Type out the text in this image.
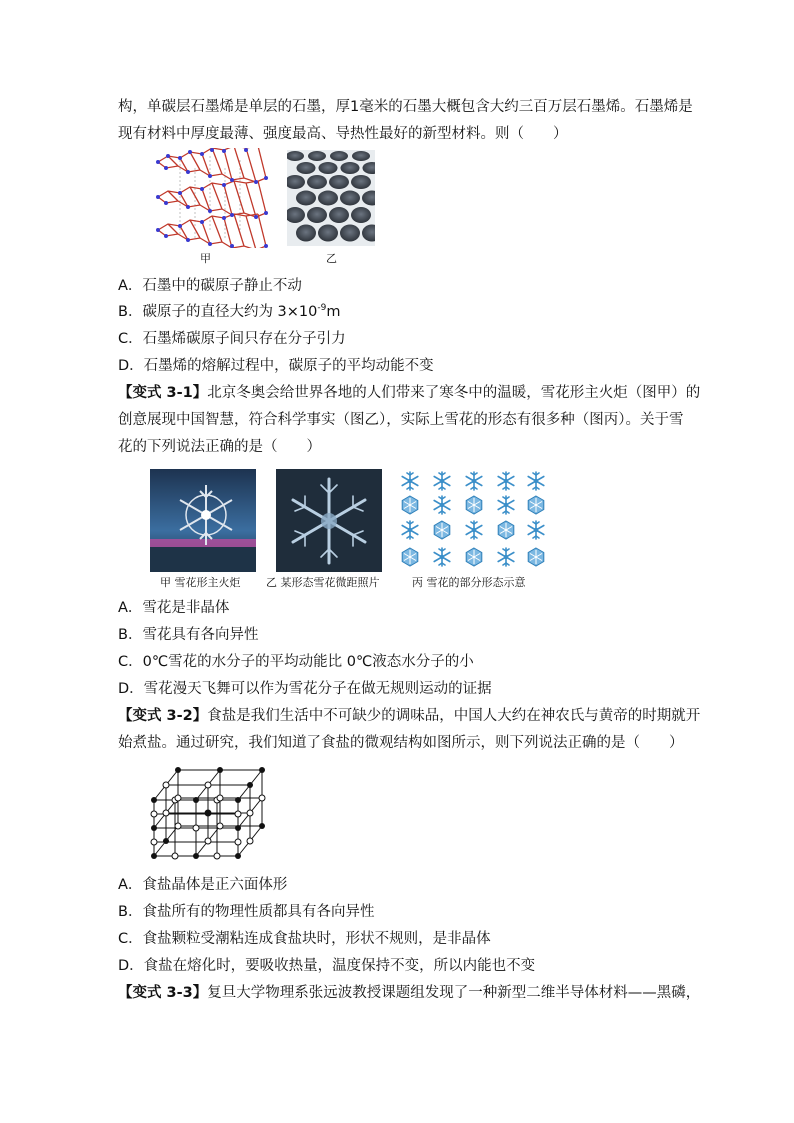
构，单碳层石墨烯是单层的石墨，厚1毫米的石墨大概包含大约三百万层石墨烯。石墨烯是
现有材料中厚度最薄、强度最高、导热性最好的新型材料。则（　　）
甲	乙
A．石墨中的碳原子静止不动
B．碳原子的直径大约为 $3\times 10^{-9}m$
C．石墨烯碳原子间只存在分子引力
D．石墨烯的熔解过程中，碳原子的平均动能不变
【变式 3-1】北京冬奥会给世界各地的人们带来了寒冬中的温暖，雪花形主火炬（图甲）的
创意展现中国智慧，符合科学事实（图乙），实际上雪花的形态有很多种（图丙）。关于雪
花的下列说法正确的是（　　）
甲 雪花形主火炬 乙 某形态雪花微距照片	丙 雪花的部分形态示意
A．雪花是非晶体
B．雪花具有各向异性
C．0℃雪花的水分子的平均动能比 0℃液态水分子的小
D．雪花漫天飞舞可以作为雪花分子在做无规则运动的证据
【变式 3-2】食盐是我们生活中不可缺少的调味品，中国人大约在神农氏与黄帝的时期就开
始煮盐。通过研究，我们知道了食盐的微观结构如图所示，则下列说法正确的是（　　）
A．食盐晶体是正六面体形
B．食盐所有的物理性质都具有各向异性
C．食盐颗粒受潮粘连成食盐块时，形状不规则，是非晶体
D．食盐在熔化时，要吸收热量，温度保持不变，所以内能也不变
【变式 3-3】复旦大学物理系张远波教授课题组发现了一种新型二维半导体材料——黑磷，
